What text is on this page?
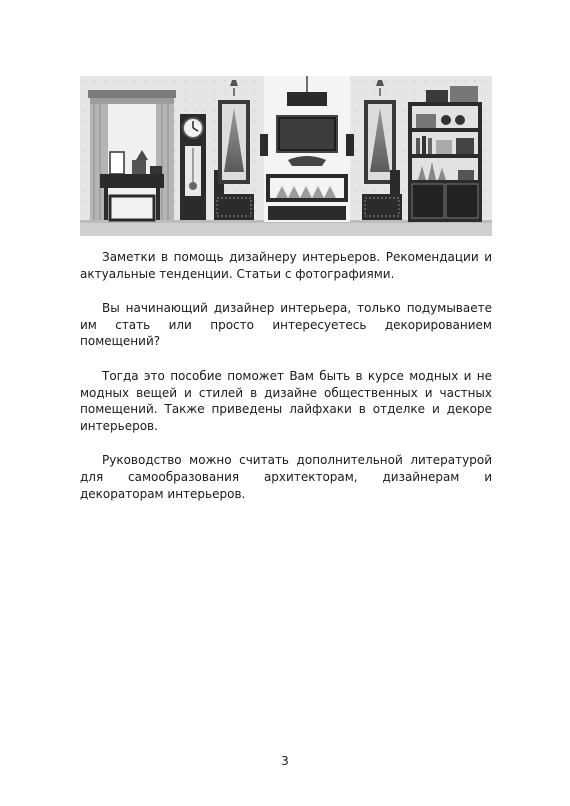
Заметки в помощь дизайнеру интерьеров. Рекомендации и актуальные тенденции. Статьи с фотографиями.

Вы начинающий дизайнер интерьера, только подумываете им стать или просто интересуетесь декорированием помещений?

Тогда это пособие поможет Вам быть в курсе модных и не модных вещей и стилей в дизайне общественных и частных помещений. Также приведены лайфхаки в отделке и декоре интерьеров.

Руководство можно считать дополнительной литературой для самообразования архитекторам, дизайнерам и декораторам интерьеров.

3
